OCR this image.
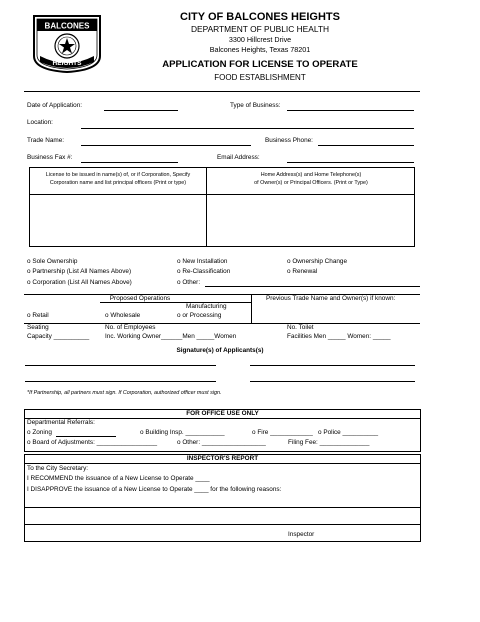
BALCONES
HEIGHTS
CITY OF BALCONES HEIGHTS
DEPARTMENT OF PUBLIC HEALTH
3300 Hillcrest Drive
Balcones Heights, Texas 78201
APPLICATION FOR LICENSE TO OPERATE
FOOD ESTABLISHMENT
Date of Application:	Type of Business:
Location:
Trade Name:	Business Phone:
Business Fax #:	Email Address:
License to be issued in name(s) of, or if Corporation, Specify
Corporation name and list principal officers (Print or type)
Home Address(s) and Home Telephone(s)
of Owner(s) or Principal Officers. (Print or Type)
o Sole Ownership
o Partnership (List All Names Above)
o Corporation (List All Names Above)
o New Installation
o Re-Classification
o Other:
o Ownership Change
o Renewal
Proposed Operations	Previous Trade Name and Owner(s) if known:
o Retail	o Wholesale
Manufacturing
o or Processing
Seating
Capacity __________
No. of Employees
Inc. Working Owner______Men _____Women
No. Toilet
Facilities Men _____ Women: _____
Signature(s) of Applicants(s)
*If Partnership, all partners must sign. If Corporation, authorized officer must sign.
FOR OFFICE USE ONLY
Departmental Referrals:
o Zoning	o Building Insp. ___________	o Fire ____________ o Police __________
o Board of Adjustments: _________________	o Other: __________________	Filing Fee: ______________
INSPECTOR'S REPORT
To the City Secretary:
I RECOMMEND the issuance of a New License to Operate ____
I DISAPPROVE the issuance of a New License to Operate ____ for the following reasons:
Inspector
